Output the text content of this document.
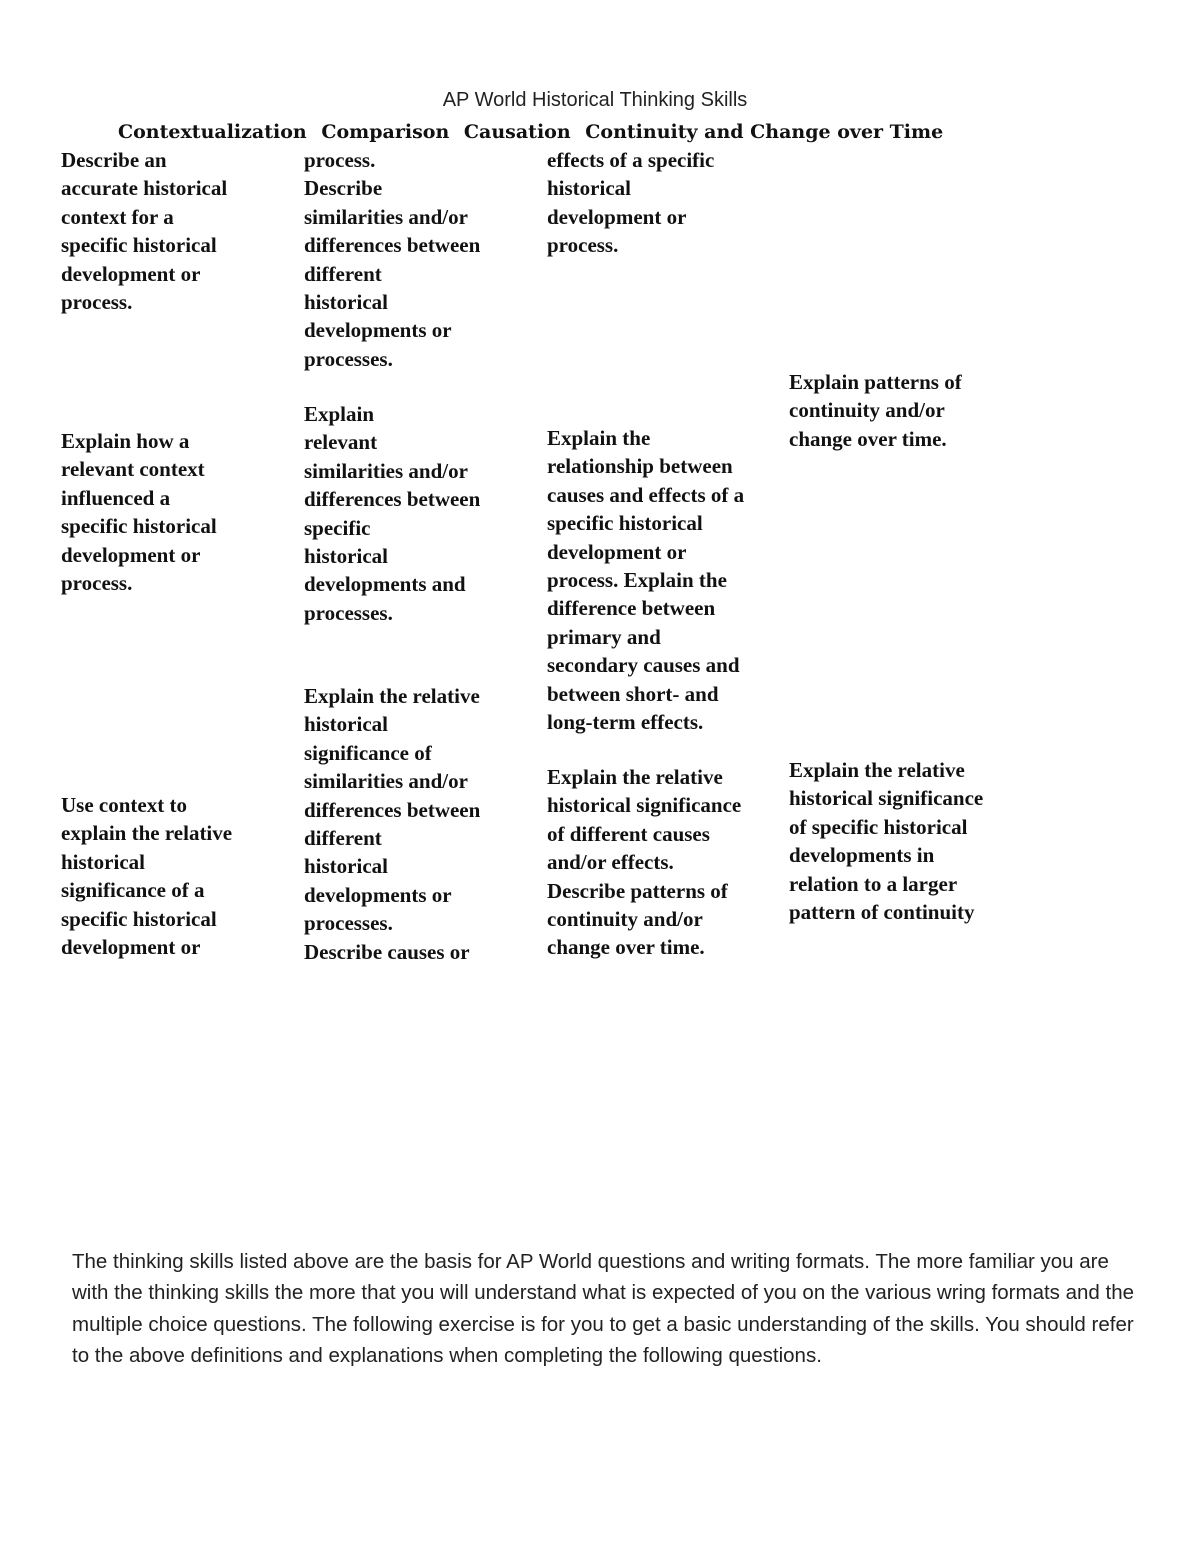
AP World Historical Thinking Skills
Contextualization Comparison Causation Continuity and Change over Time

Describe an
accurate historical
context for a
specific historical
development or
process.

Explain how a
relevant context
influenced a
specific historical
development or
process.

Use context to
explain the relative
historical
significance of a
specific historical
development or

process.
Describe
similarities and/or
differences between
different
historical
developments or
processes.

Explain
relevant
similarities and/or
differences between
specific
historical
developments and
processes.

Explain the relative
historical
significance of
similarities and/or
differences between
different
historical
developments or
processes.
Describe causes or

effects of a specific
historical
development or
process.

Explain the
relationship between
causes and effects of a
specific historical
development or
process. Explain the
difference between
primary and
secondary causes and
between short- and
long-term effects.

Explain the relative
historical significance
of different causes
and/or effects.
Describe patterns of
continuity and/or
change over time.

Explain patterns of
continuity and/or
change over time.

Explain the relative
historical significance
of specific historical
developments in
relation to a larger
pattern of continuity

The thinking skills listed above are the basis for AP World questions and writing formats. The more familiar you are with the thinking skills the more that you will understand what is expected of you on the various wring formats and the multiple choice questions. The following exercise is for you to get a basic understanding of the skills. You should refer to the above definitions and explanations when completing the following questions.
